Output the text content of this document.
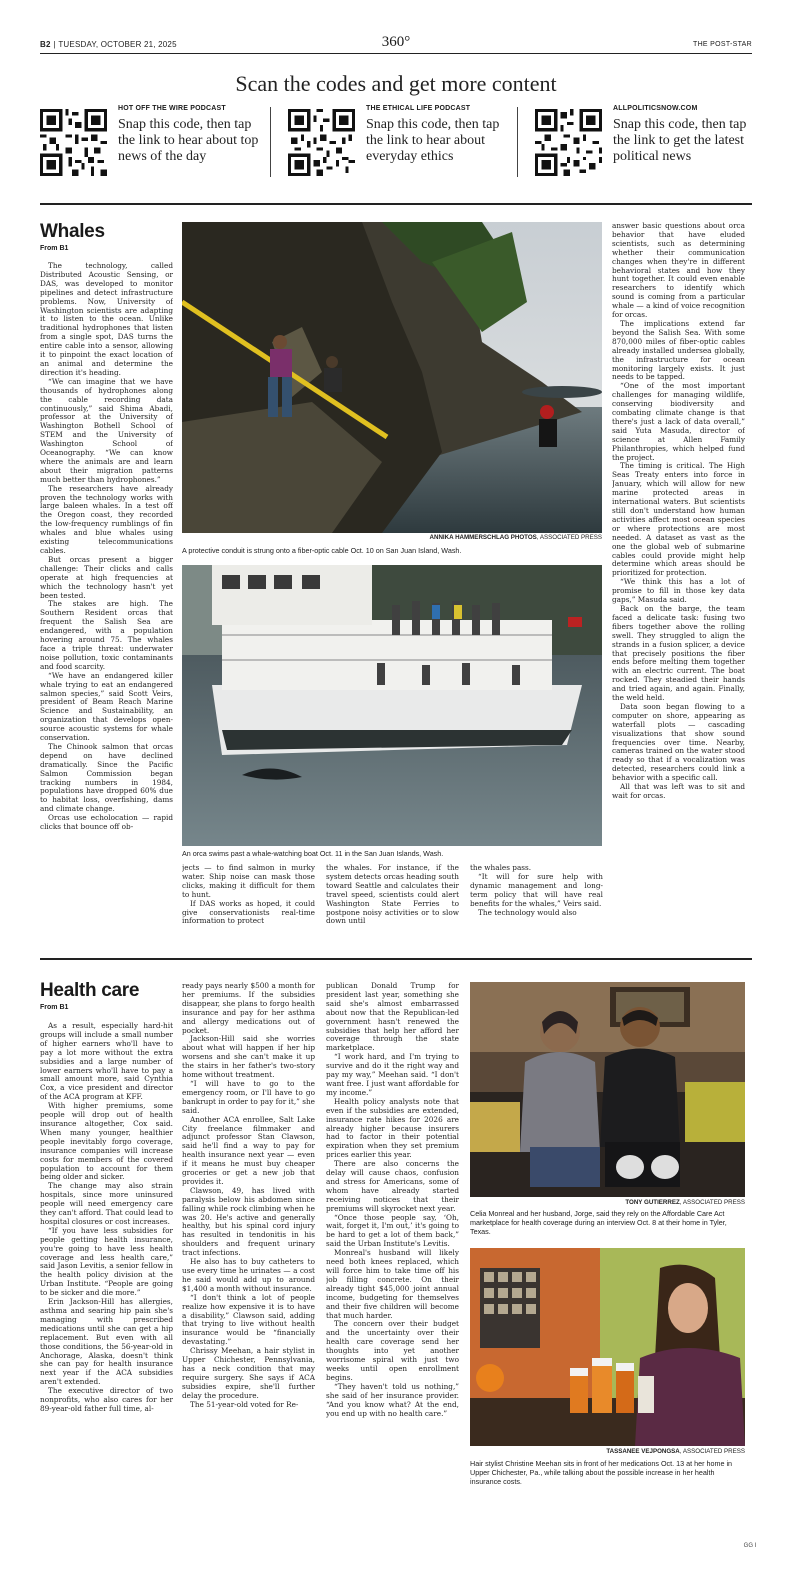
B2 | TUESDAY, OCTOBER 21, 2025	360°	THE POST-STAR
Scan the codes and get more content
HOT OFF THE WIRE PODCAST
Snap this code, then tap the link to hear about top news of the day
THE ETHICAL LIFE PODCAST
Snap this code, then tap the link to hear about everyday ethics
ALLPOLITICSNOW.COM
Snap this code, then tap the link to get the latest political news
Whales
From B1

The technology, called Distributed Acoustic Sensing, or DAS, was developed to monitor pipelines and detect infrastructure problems. Now, University of Washington scientists are adapting it to listen to the ocean. Unlike traditional hydrophones that listen from a single spot, DAS turns the entire cable into a sensor, allowing it to pinpoint the exact location of an animal and determine the direction it's heading.

“We can imagine that we have thousands of hydrophones along the cable recording data continuously,” said Shima Abadi, professor at the University of Washington Bothell School of STEM and the University of Washington School of Oceanography. “We can know where the animals are and learn about their migration patterns much better than hydrophones.”

The researchers have already proven the technology works with large baleen whales. In a test off the Oregon coast, they recorded the low-frequency rumblings of fin whales and blue whales using existing telecommunications cables.

But orcas present a bigger challenge: Their clicks and calls operate at high frequencies at which the technology hasn't yet been tested.

The stakes are high. The Southern Resident orcas that frequent the Salish Sea are endangered, with a population hovering around 75. The whales face a triple threat: underwater noise pollution, toxic contaminants and food scarcity.

“We have an endangered killer whale trying to eat an endangered salmon species,” said Scott Veirs, president of Beam Reach Marine Science and Sustainability, an organization that develops open-source acoustic systems for whale conservation.

The Chinook salmon that orcas depend on have declined dramatically. Since the Pacific Salmon Commission began tracking numbers in 1984, populations have dropped 60% due to habitat loss, overfishing, dams and climate change.

Orcas use echolocation — rapid clicks that bounce off ob-

ANNIKA HAMMERSCHLAG PHOTOS, ASSOCIATED PRESS
A protective conduit is strung onto a fiber-optic cable Oct. 10 on San Juan Island, Wash.
An orca swims past a whale-watching boat Oct. 11 in the San Juan Islands, Wash.

jects — to find salmon in murky water. Ship noise can mask those clicks, making it difficult for them to hunt.

If DAS works as hoped, it could give conservationists real-time information to protect

the whales. For instance, if the system detects orcas heading south toward Seattle and calculates their travel speed, scientists could alert Washington State Ferries to postpone noisy activities or to slow down until

the whales pass.

“It will for sure help with dynamic management and long-term policy that will have real benefits for the whales,” Veirs said.

The technology would also

answer basic questions about orca behavior that have eluded scientists, such as determining whether their communication changes when they're in different behavioral states and how they hunt together. It could even enable researchers to identify which sound is coming from a particular whale — a kind of voice recognition for orcas.

The implications extend far beyond the Salish Sea. With some 870,000 miles of fiber-optic cables already installed undersea globally, the infrastructure for ocean monitoring largely exists. It just needs to be tapped.

“One of the most important challenges for managing wildlife, conserving biodiversity and combating climate change is that there's just a lack of data overall,” said Yuta Masuda, director of science at Allen Family Philanthropies, which helped fund the project.

The timing is critical. The High Seas Treaty enters into force in January, which will allow for new marine protected areas in international waters. But scientists still don't understand how human activities affect most ocean species or where protections are most needed. A dataset as vast as the one the global web of submarine cables could provide might help determine which areas should be prioritized for protection.

“We think this has a lot of promise to fill in those key data gaps,” Masuda said.

Back on the barge, the team faced a delicate task: fusing two fibers together above the rolling swell. They struggled to align the strands in a fusion splicer, a device that precisely positions the fiber ends before melting them together with an electric current. The boat rocked. They steadied their hands and tried again, and again. Finally, the weld held.

Data soon began flowing to a computer on shore, appearing as waterfall plots — cascading visualizations that show sound frequencies over time. Nearby, cameras trained on the water stood ready so that if a vocalization was detected, researchers could link a behavior with a specific call.

All that was left was to sit and wait for orcas.

Health care
From B1

As a result, especially hard-hit groups will include a small number of higher earners who'll have to pay a lot more without the extra subsidies and a large number of lower earners who'll have to pay a small amount more, said Cynthia Cox, a vice president and director of the ACA program at KFF.

With higher premiums, some people will drop out of health insurance altogether, Cox said. When many younger, healthier people inevitably forgo coverage, insurance companies will increase costs for members of the covered population to account for them being older and sicker.

The change may also strain hospitals, since more uninsured people will need emergency care they can't afford. That could lead to hospital closures or cost increases.

“If you have less subsidies for people getting health insurance, you're going to have less health coverage and less health care,” said Jason Levitis, a senior fellow in the health policy division at the Urban Institute. “People are going to be sicker and die more.”

Erin Jackson-Hill has allergies, asthma and searing hip pain she's managing with prescribed medications until she can get a hip replacement. But even with all those conditions, the 56-year-old in Anchorage, Alaska, doesn't think she can pay for health insurance next year if the ACA subsidies aren't extended.

The executive director of two nonprofits, who also cares for her 89-year-old father full time, al-

ready pays nearly $500 a month for her premiums. If the subsidies disappear, she plans to forgo health insurance and pay for her asthma and allergy medications out of pocket.

Jackson-Hill said she worries about what will happen if her hip worsens and she can't make it up the stairs in her father's two-story home without treatment.

“I will have to go to the emergency room, or I'll have to go bankrupt in order to pay for it,” she said.

Another ACA enrollee, Salt Lake City freelance filmmaker and adjunct professor Stan Clawson, said he'll find a way to pay for health insurance next year — even if it means he must buy cheaper groceries or get a new job that provides it.

Clawson, 49, has lived with paralysis below his abdomen since falling while rock climbing when he was 20. He's active and generally healthy, but his spinal cord injury has resulted in tendonitis in his shoulders and frequent urinary tract infections.

He also has to buy catheters to use every time he urinates — a cost he said would add up to around $1,400 a month without insurance.

“I don't think a lot of people realize how expensive it is to have a disability,” Clawson said, adding that trying to live without health insurance would be “financially devastating.”

Chrissy Meehan, a hair stylist in Upper Chichester, Pennsylvania, has a neck condition that may require surgery. She says if ACA subsidies expire, she'll further delay the procedure.

The 51-year-old voted for Re-

publican Donald Trump for president last year, something she said she's almost embarrassed about now that the Republican-led government hasn't renewed the subsidies that help her afford her coverage through the state marketplace.

“I work hard, and I'm trying to survive and do it the right way and pay my way,” Meehan said. “I don't want free. I just want affordable for my income.”

Health policy analysts note that even if the subsidies are extended, insurance rate hikes for 2026 are already higher because insurers had to factor in their potential expiration when they set premium prices earlier this year.

There are also concerns the delay will cause chaos, confusion and stress for Americans, some of whom have already started receiving notices that their premiums will skyrocket next year.

“Once those people say, ‘Oh, wait, forget it, I'm out,’ it's going to be hard to get a lot of them back,” said the Urban Institute's Levitis.

Monreal's husband will likely need both knees replaced, which will force him to take time off his job filling concrete. On their already tight $45,000 joint annual income, budgeting for themselves and their five children will become that much harder.

The concern over their budget and the uncertainty over their health care coverage send her thoughts into yet another worrisome spiral with just two weeks until open enrollment begins.

“They haven't told us nothing,” she said of her insurance provider. “And you know what? At the end, you end up with no health care.”

TONY GUTIERREZ, ASSOCIATED PRESS
Celia Monreal and her husband, Jorge, said they rely on the Affordable Care Act marketplace for health coverage during an interview Oct. 8 at their home in Tyler, Texas.
TASSANEE VEJPONGSA, ASSOCIATED PRESS
Hair stylist Christine Meehan sits in front of her medications Oct. 13 at her home in Upper Chichester, Pa., while talking about the possible increase in her health insurance costs.
GG I
